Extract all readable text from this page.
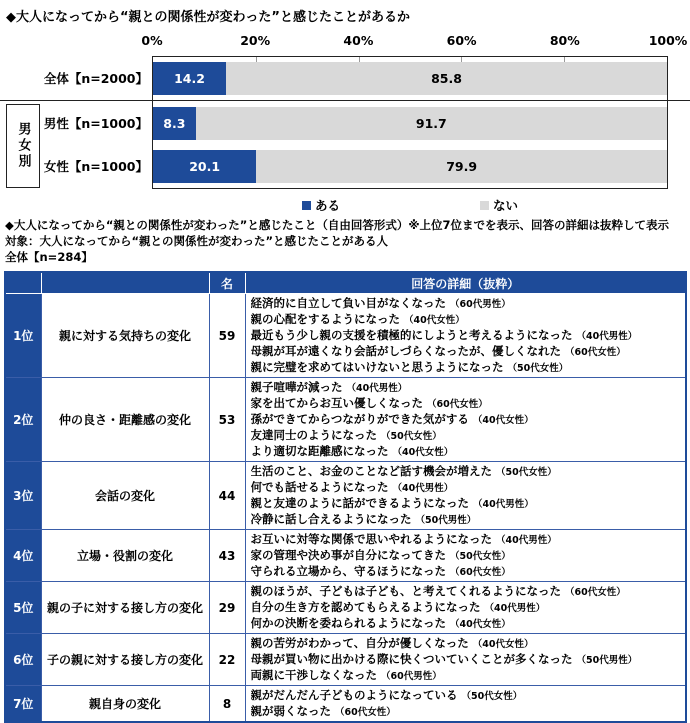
◆大人になってから“親との関係性が変わった”と感じたことがあるか
0%	20%	40%	60%	80%	100%
14.2	85.8
8.3	91.7
20.1	79.9
全体【n=2000】
男性【n=1000】
女性【n=1000】
男女別
ある	ない
◆大人になってから“親との関係性が変わった”と感じたこと（自由回答形式）※上位7位までを表示、回答の詳細は抜粋して表示
対象：大人になってから“親との関係性が変わった”と感じたことがある人
全体【n=284】
		名	回答の詳細（抜粋）
1位	親に対する気持ちの変化	59	経済的に自立して負い目がなくなった （60代男性）
親の心配をするようになった （40代女性）
最近もう少し親の支援を積極的にしようと考えるようになった （40代男性）
母親が耳が遠くなり会話がしづらくなったが、優しくなれた （60代女性）
親に完璧を求めてはいけないと思うようになった （50代女性）

2位	仲の良さ・距離感の変化	53	親子喧嘩が減った （40代男性）
家を出てからお互い優しくなった （60代女性）
孫ができてからつながりができた気がする （40代女性）
友達同士のようになった （50代女性）
より適切な距離感になった （40代女性）

3位	会話の変化	44	生活のこと、お金のことなど話す機会が増えた （50代女性）
何でも話せるようになった （40代男性）
親と友達のように話ができるようになった （40代男性）
冷静に話し合えるようになった （50代男性）

4位	立場・役割の変化	43	お互いに対等な関係で思いやれるようになった （40代男性）
家の管理や決め事が自分になってきた （50代女性）
守られる立場から、守るほうになった （60代女性）

5位	親の子に対する接し方の変化	29	親のほうが、子どもは子ども、と考えてくれるようになった （60代女性）
自分の生き方を認めてもらえるようになった （40代男性）
何かの決断を委ねられるようになった （40代女性）

6位	子の親に対する接し方の変化	22	親の苦労がわかって、自分が優しくなった （40代女性）
母親が買い物に出かける際に快くついていくことが多くなった （50代男性）
両親に干渉しなくなった （60代男性）

7位	親自身の変化	8	親がだんだん子どものようになっている （50代女性）
親が弱くなった （60代女性）
